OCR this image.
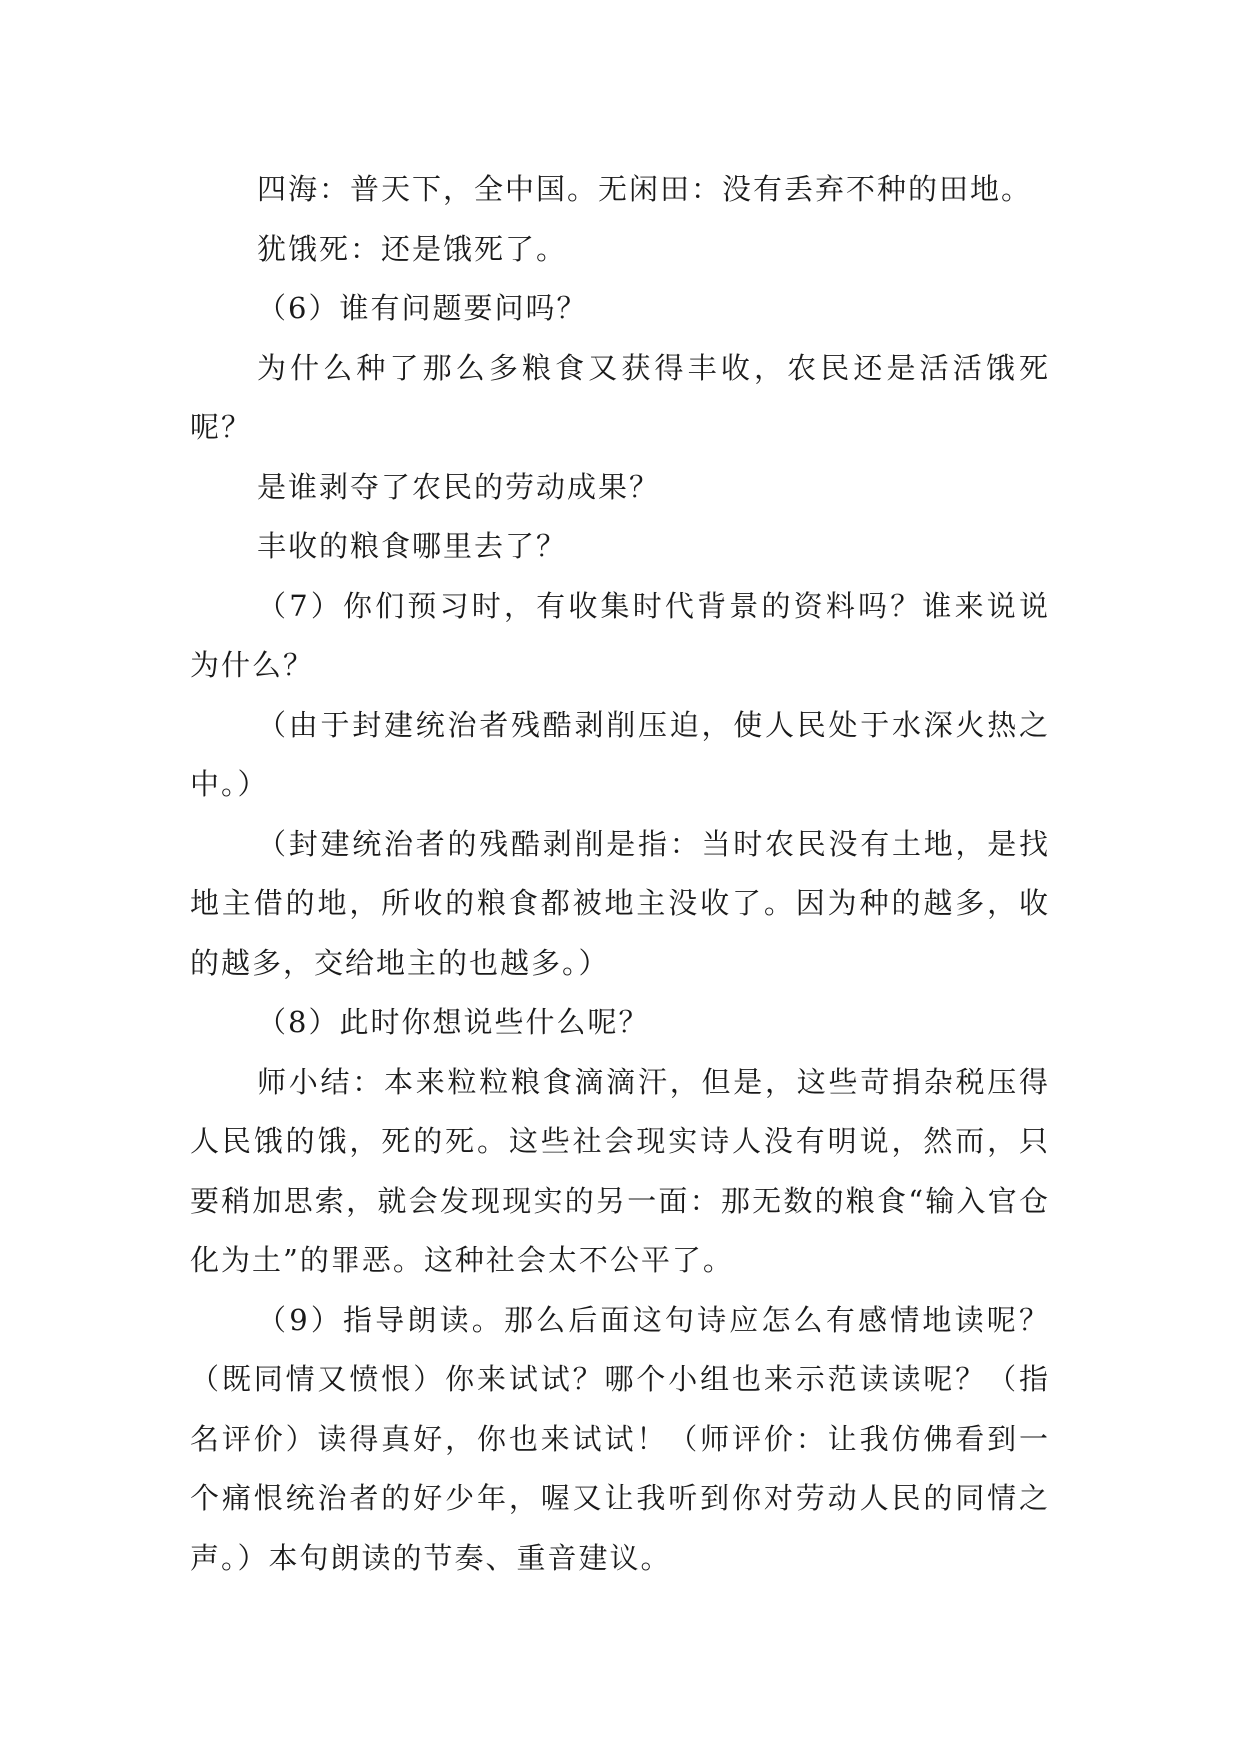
四海：普天下，全中国。无闲田：没有丢弃不种的田地。

犹饿死：还是饿死了。

（6）谁有问题要问吗？

为什么种了那么多粮食又获得丰收，农民还是活活饿死呢？

是谁剥夺了农民的劳动成果？

丰收的粮食哪里去了？

（7）你们预习时，有收集时代背景的资料吗？谁来说说为什么？

（由于封建统治者残酷剥削压迫，使人民处于水深火热之中。）

（封建统治者的残酷剥削是指：当时农民没有土地，是找地主借的地，所收的粮食都被地主没收了。因为种的越多，收的越多，交给地主的也越多。）

（8）此时你想说些什么呢？

师小结：本来粒粒粮食滴滴汗，但是，这些苛捐杂税压得人民饿的饿，死的死。这些社会现实诗人没有明说，然而，只要稍加思索，就会发现现实的另一面：那无数的粮食“输入官仓化为土”的罪恶。这种社会太不公平了。

（9）指导朗读。那么后面这句诗应怎么有感情地读呢？（既同情又愤恨）你来试试？哪个小组也来示范读读呢？（指名评价）读得真好，你也来试试！（师评价：让我仿佛看到一个痛恨统治者的好少年，喔又让我听到你对劳动人民的同情之声。）本句朗读的节奏、重音建议。
